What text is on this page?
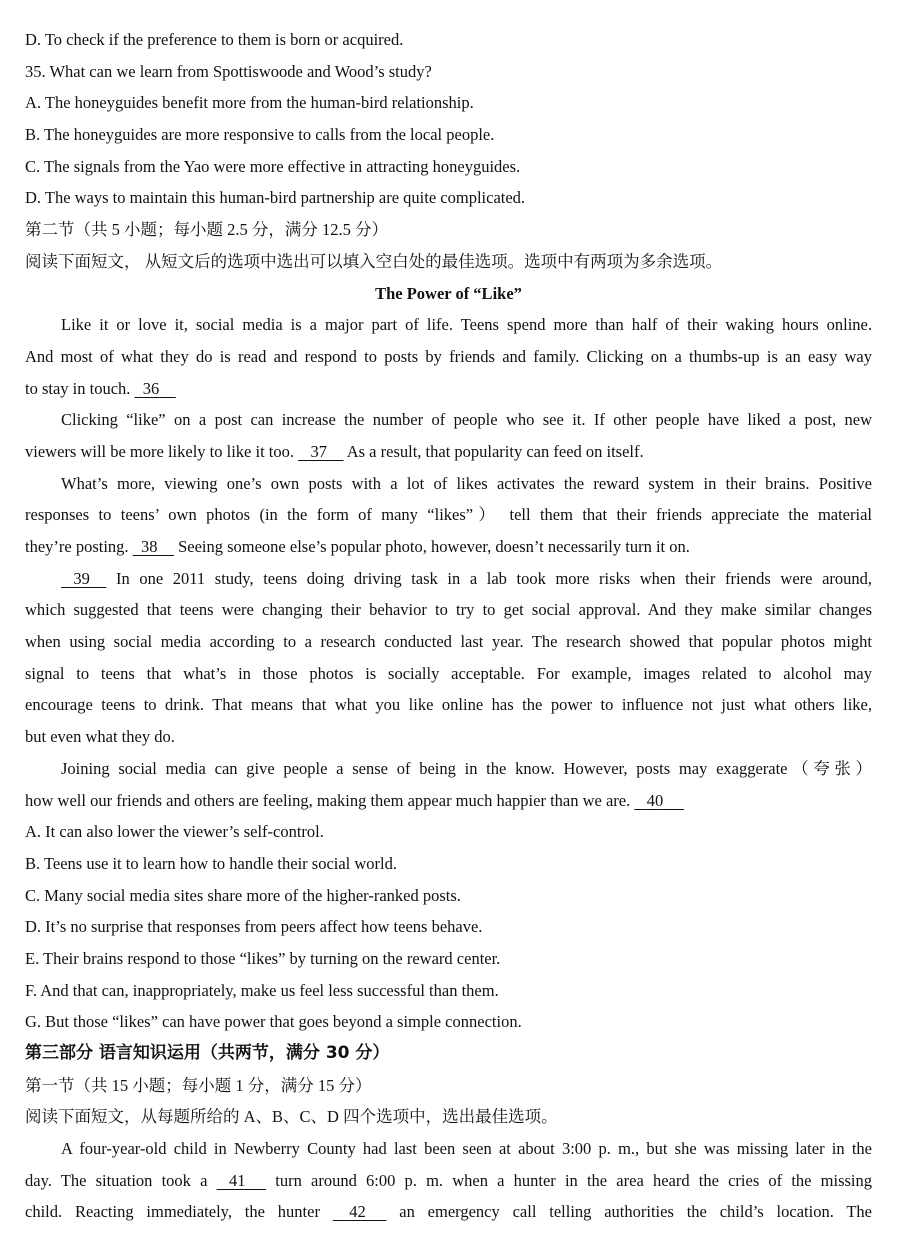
D. To check if the preference to them is born or acquired.
35. What can we learn from Spottiswoode and Wood’s study?
A. The honeyguides benefit more from the human-bird relationship.
B. The honeyguides are more responsive to calls from the local people.
C. The signals from the Yao were more effective in attracting honeyguides.
D. The ways to maintain this human-bird partnership are quite complicated.
第二节（共 5 小题；每小题 2.5 分，满分 12.5 分）
阅读下面短文， 从短文后的选项中选出可以填入空白处的最佳选项。选项中有两项为多余选项。
The Power of “Like”
Like it or love it, social media is a major part of life. Teens spend more than half of their waking hours online.
And most of what they do is read and respond to posts by friends and family. Clicking on a thumbs-up is an easy way
to stay in touch. 36
Clicking “like” on a post can increase the number of people who see it. If other people have liked a post, new
viewers will be more likely to like it too. 37 As a result, that popularity can feed on itself.
What’s more, viewing one’s own posts with a lot of likes activates the reward system in their brains. Positive
responses to teens’ own photos (in the form of many “likes”） tell them that their friends appreciate the material
they’re posting. 38 Seeing someone else’s popular photo, however, doesn’t necessarily turn it on.
39 In one 2011 study, teens doing driving task in a lab took more risks when their friends were around,
which suggested that teens were changing their behavior to try to get social approval. And they make similar changes
when using social media according to a research conducted last year. The research showed that popular photos might
signal to teens that what’s in those photos is socially acceptable. For example, images related to alcohol may
encourage teens to drink. That means that what you like online has the power to influence not just what others like,
but even what they do.
Joining social media can give people a sense of being in the know. However, posts may exaggerate（夸张）
how well our friends and others are feeling, making them appear much happier than we are. 40
A. It can also lower the viewer’s self-control.
B. Teens use it to learn how to handle their social world.
C. Many social media sites share more of the higher-ranked posts.
D. It’s no surprise that responses from peers affect how teens behave.
E. Their brains respond to those “likes” by turning on the reward center.
F. And that can, inappropriately, make us feel less successful than them.
G. But those “likes” can have power that goes beyond a simple connection.
第三部分 语言知识运用（共两节，满分 30 分）
第一节（共 15 小题；每小题 1 分，满分 15 分）
阅读下面短文，从每题所给的 A、B、C、D 四个选项中，选出最佳选项。
A four-year-old child in Newberry County had last been seen at about 3:00 p. m., but she was missing later in the
day. The situation took a 41 turn around 6:00 p. m. when a hunter in the area heard the cries of the missing
child. Reacting immediately, the hunter 42 an emergency call telling authorities the child’s location. The
